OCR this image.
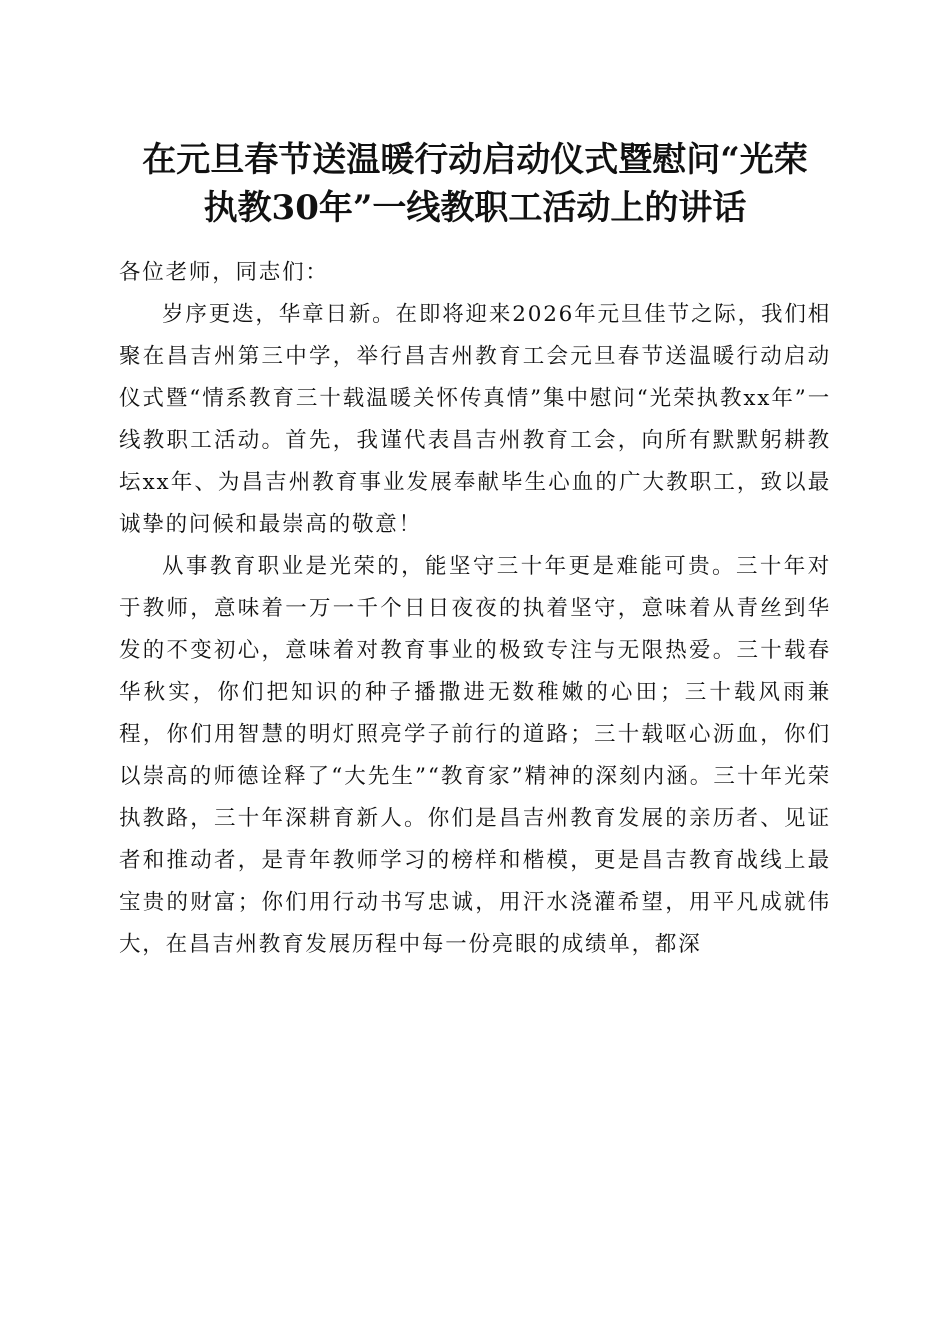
在元旦春节送温暖行动启动仪式暨慰问“光荣
执教30年”一线教职工活动上的讲话

各位老师，同志们：

岁序更迭，华章日新。在即将迎来2026年元旦佳节之际，我们相聚在昌吉州第三中学，举行昌吉州教育工会元旦春节送温暖行动启动仪式暨“情系教育三十载温暖关怀传真情”集中慰问“光荣执教xx年”一线教职工活动。首先，我谨代表昌吉州教育工会，向所有默默躬耕教坛xx年、为昌吉州教育事业发展奉献毕生心血的广大教职工，致以最诚挚的问候和最崇高的敬意！

从事教育职业是光荣的，能坚守三十年更是难能可贵。三十年对于教师，意味着一万一千个日日夜夜的执着坚守，意味着从青丝到华发的不变初心，意味着对教育事业的极致专注与无限热爱。三十载春华秋实，你们把知识的种子播撒进无数稚嫩的心田；三十载风雨兼程，你们用智慧的明灯照亮学子前行的道路；三十载呕心沥血，你们以崇高的师德诠释了“大先生”“教育家”精神的深刻内涵。三十年光荣执教路，三十年深耕育新人。你们是昌吉州教育发展的亲历者、见证者和推动者，是青年教师学习的榜样和楷模，更是昌吉教育战线上最宝贵的财富；你们用行动书写忠诚，用汗水浇灌希望，用平凡成就伟大，在昌吉州教育发展历程中每一份亮眼的成绩单，都深
